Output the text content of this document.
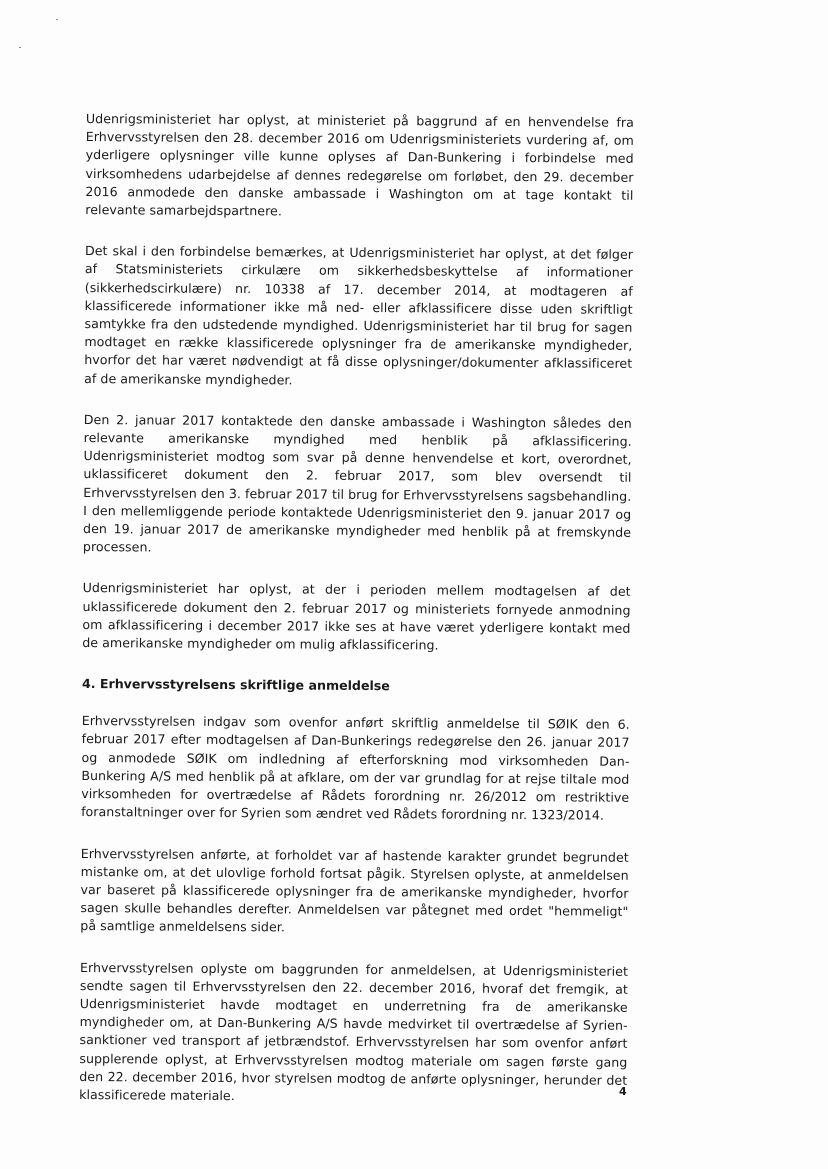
Udenrigsministeriet har oplyst, at ministeriet på baggrund af en henvendelse fra Erhvervsstyrelsen den 28. december 2016 om Udenrigsministeriets vurdering af, om yderligere oplysninger ville kunne oplyses af Dan-Bunkering i forbindelse med virksomhedens udarbejdelse af dennes redegørelse om forløbet, den 29. december 2016 anmodede den danske ambassade i Washington om at tage kontakt til relevante samarbejdspartnere.

Det skal i den forbindelse bemærkes, at Udenrigsministeriet har oplyst, at det følger af Statsministeriets cirkulære om sikkerhedsbeskyttelse af informationer (sikkerhedscirkulære) nr. 10338 af 17. december 2014, at modtageren af klassificerede informationer ikke må ned- eller afklassificere disse uden skriftligt samtykke fra den udstedende myndighed. Udenrigsministeriet har til brug for sagen modtaget en række klassificerede oplysninger fra de amerikanske myndigheder, hvorfor det har været nødvendigt at få disse oplysninger/dokumenter afklassificeret af de amerikanske myndigheder.

Den 2. januar 2017 kontaktede den danske ambassade i Washington således den relevante amerikanske myndighed med henblik på afklassificering. Udenrigsministeriet modtog som svar på denne henvendelse et kort, overordnet, uklassificeret dokument den 2. februar 2017, som blev oversendt til Erhvervsstyrelsen den 3. februar 2017 til brug for Erhvervsstyrelsens sagsbehandling. I den mellemliggende periode kontaktede Udenrigsministeriet den 9. januar 2017 og den 19. januar 2017 de amerikanske myndigheder med henblik på at fremskynde processen.

Udenrigsministeriet har oplyst, at der i perioden mellem modtagelsen af det uklassificerede dokument den 2. februar 2017 og ministeriets fornyede anmodning om afklassificering i december 2017 ikke ses at have været yderligere kontakt med de amerikanske myndigheder om mulig afklassificering.

4. Erhvervsstyrelsens skriftlige anmeldelse

Erhvervsstyrelsen indgav som ovenfor anført skriftlig anmeldelse til SØIK den 6. februar 2017 efter modtagelsen af Dan-Bunkerings redegørelse den 26. januar 2017 og anmodede SØIK om indledning af efterforskning mod virksomheden Dan-Bunkering A/S med henblik på at afklare, om der var grundlag for at rejse tiltale mod virksomheden for overtrædelse af Rådets forordning nr. 26/2012 om restriktive foranstaltninger over for Syrien som ændret ved Rådets forordning nr. 1323/2014.

Erhvervsstyrelsen anførte, at forholdet var af hastende karakter grundet begrundet mistanke om, at det ulovlige forhold fortsat pågik. Styrelsen oplyste, at anmeldelsen var baseret på klassificerede oplysninger fra de amerikanske myndigheder, hvorfor sagen skulle behandles derefter. Anmeldelsen var påtegnet med ordet "hemmeligt" på samtlige anmeldelsens sider.

Erhvervsstyrelsen oplyste om baggrunden for anmeldelsen, at Udenrigsministeriet sendte sagen til Erhvervsstyrelsen den 22. december 2016, hvoraf det fremgik, at Udenrigsministeriet havde modtaget en underretning fra de amerikanske myndigheder om, at Dan-Bunkering A/S havde medvirket til overtrædelse af Syrien-sanktioner ved transport af jetbrændstof. Erhvervsstyrelsen har som ovenfor anført supplerende oplyst, at Erhvervsstyrelsen modtog materiale om sagen første gang den 22. december 2016, hvor styrelsen modtog de anførte oplysninger, herunder det klassificerede materiale.	4
